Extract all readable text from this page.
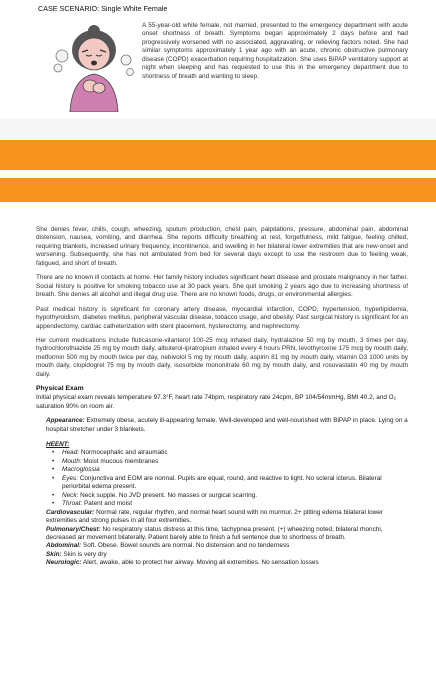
CASE SCENARIO: Single White Female
A 55-year-old white female, not married, presented to the emergency department with acute onset shortness of breath. Symptoms began approximately 2 days before and had progressively worsened with no associated, aggravating, or relieving factors noted. She had similar symptoms approximately 1 year ago with an acute, chronic obstructive pulmonary disease (COPD) exacerbation requiring hospitalization. She uses BiPAP ventilatory support at night when sleeping and has requested to use this in the emergency department due to shortness of breath and wanting to sleep.

She denies fever, chills, cough, wheezing, sputum production, chest pain, palpitations, pressure, abdominal pain, abdominal distension, nausea, vomiting, and diarrhea. She reports difficulty breathing at rest, forgetfulness, mild fatigue, feeling chilled, requiring blankets, increased urinary frequency, incontinence, and swelling in her bilateral lower extremities that are new-onset and worsening. Subsequently, she has not ambulated from bed for several days except to use the restroom due to feeling weak, fatigued, and short of breath.

There are no known ill contacts at home. Her family history includes significant heart disease and prostate malignancy in her father. Social history is positive for smoking tobacco use at 30 pack years. She quit smoking 2 years ago due to increasing shortness of breath. She denies all alcohol and illegal drug use. There are no known foods, drugs, or environmental allergies.

Past medical history is significant for coronary artery disease, myocardial infarction, COPD, hypertension, hyperlipidemia, hypothyroidism, diabetes mellitus, peripheral vascular disease, tobacco usage, and obesity. Past surgical history is significant for an appendectomy, cardiac catheterization with stent placement, hysterectomy, and nephrectomy.

Her current medications include fluticasone-vilanterol 100-25 mcg inhaled daily, hydralazine 50 mg by mouth, 3 times per day, hydrochlorothiazide 25 mg by mouth daily, albuterol-ipratropium inhaled every 4 hours PRN, levothyroxine 175 mcg by mouth daily, metformin 500 mg by mouth twice per day, nebivolol 5 mg by mouth daily, aspirin 81 mg by mouth daily, vitamin D3 1000 units by mouth daily, clopidogrel 75 mg by mouth daily, isosorbide mononitrate 60 mg by mouth daily, and rosuvastatin 40 mg by mouth daily.

Physical Exam
Initial physical exam reveals temperature 97.3°F, heart rate 74bpm, respiratory rate 24cpm, BP 104/54mmHg, BMI 40.2, and O₂ saturation 90% on room air.
Appearance: Extremely obese, acutely ill-appearing female. Well-developed and well-nourished with BiPAP in place. Lying on a hospital stretcher under 3 blankets.
HEENT:
• Head: Normocephalic and atraumatic
• Mouth: Moist mucous membranes
• Macroglossia
• Eyes: Conjunctiva and EOM are normal. Pupils are equal, round, and reactive to light. No scleral icterus. Bilateral periorbital edema present.
• Neck: Neck supple. No JVD present. No masses or surgical scarring.
• Throat: Patent and moist
Cardiovascular: Normal rate, regular rhythm, and normal heart sound with no murmur. 2+ pitting edema bilateral lower extremities and strong pulses in all four extremities.
Pulmonary/Chest: No respiratory status distress at this time, tachypnea present, (+) wheezing noted, bilateral rhonchi, decreased air movement bilaterally. Patient barely able to finish a full sentence due to shortness of breath.
Abdominal: Soft. Obese. Bowel sounds are normal. No distension and no tenderness
Skin: Skin is very dry
Neurologic: Alert, awake, able to protect her airway. Moving all extremities. No sensation losses
